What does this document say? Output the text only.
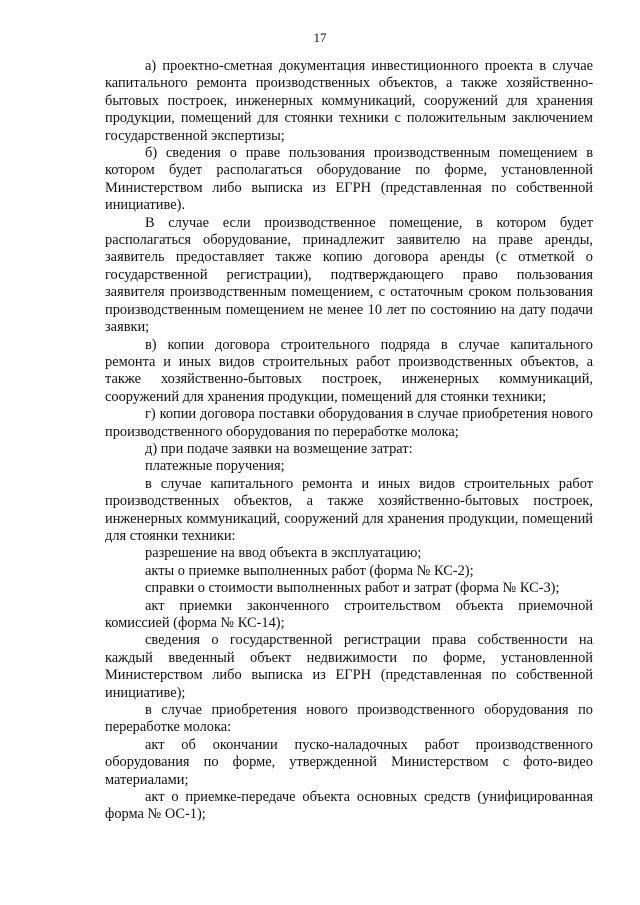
17

а) проектно-сметная документация инвестиционного проекта в случае капитального ремонта производственных объектов, а также хозяйственно-бытовых построек, инженерных коммуникаций, сооружений для хранения продукции, помещений для стоянки техники с положительным заключением государственной экспертизы;

б) сведения о праве пользования производственным помещением в котором будет располагаться оборудование по форме, установленной Министерством либо выписка из ЕГРН (представленная по собственной инициативе).

В случае если производственное помещение, в котором будет располагаться оборудование, принадлежит заявителю на праве аренды, заявитель предоставляет также копию договора аренды (с отметкой о государственной регистрации), подтверждающего право пользования заявителя производственным помещением, с остаточным сроком пользования производственным помещением не менее 10 лет по состоянию на дату подачи заявки;

в) копии договора строительного подряда в случае капитального ремонта и иных видов строительных работ производственных объектов, а также хозяйственно-бытовых построек, инженерных коммуникаций, сооружений для хранения продукции, помещений для стоянки техники;

г) копии договора поставки оборудования в случае приобретения нового производственного оборудования по переработке молока;

д) при подаче заявки на возмещение затрат:

платежные поручения;

в случае капитального ремонта и иных видов строительных работ производственных объектов, а также хозяйственно-бытовых построек, инженерных коммуникаций, сооружений для хранения продукции, помещений для стоянки техники:

разрешение на ввод объекта в эксплуатацию;

акты о приемке выполненных работ (форма № КС-2);

справки о стоимости выполненных работ и затрат (форма № КС-3);

акт приемки законченного строительством объекта приемочной комиссией (форма № КС-14);

сведения о государственной регистрации права собственности на каждый введенный объект недвижимости по форме, установленной Министерством либо выписка из ЕГРН (представленная по собственной инициативе);

в случае приобретения нового производственного оборудования по переработке молока:

акт об окончании пуско-наладочных работ производственного оборудования по форме, утвержденной Министерством с фото-видео материалами;

акт о приемке-передаче объекта основных средств (унифицированная форма № ОС-1);
